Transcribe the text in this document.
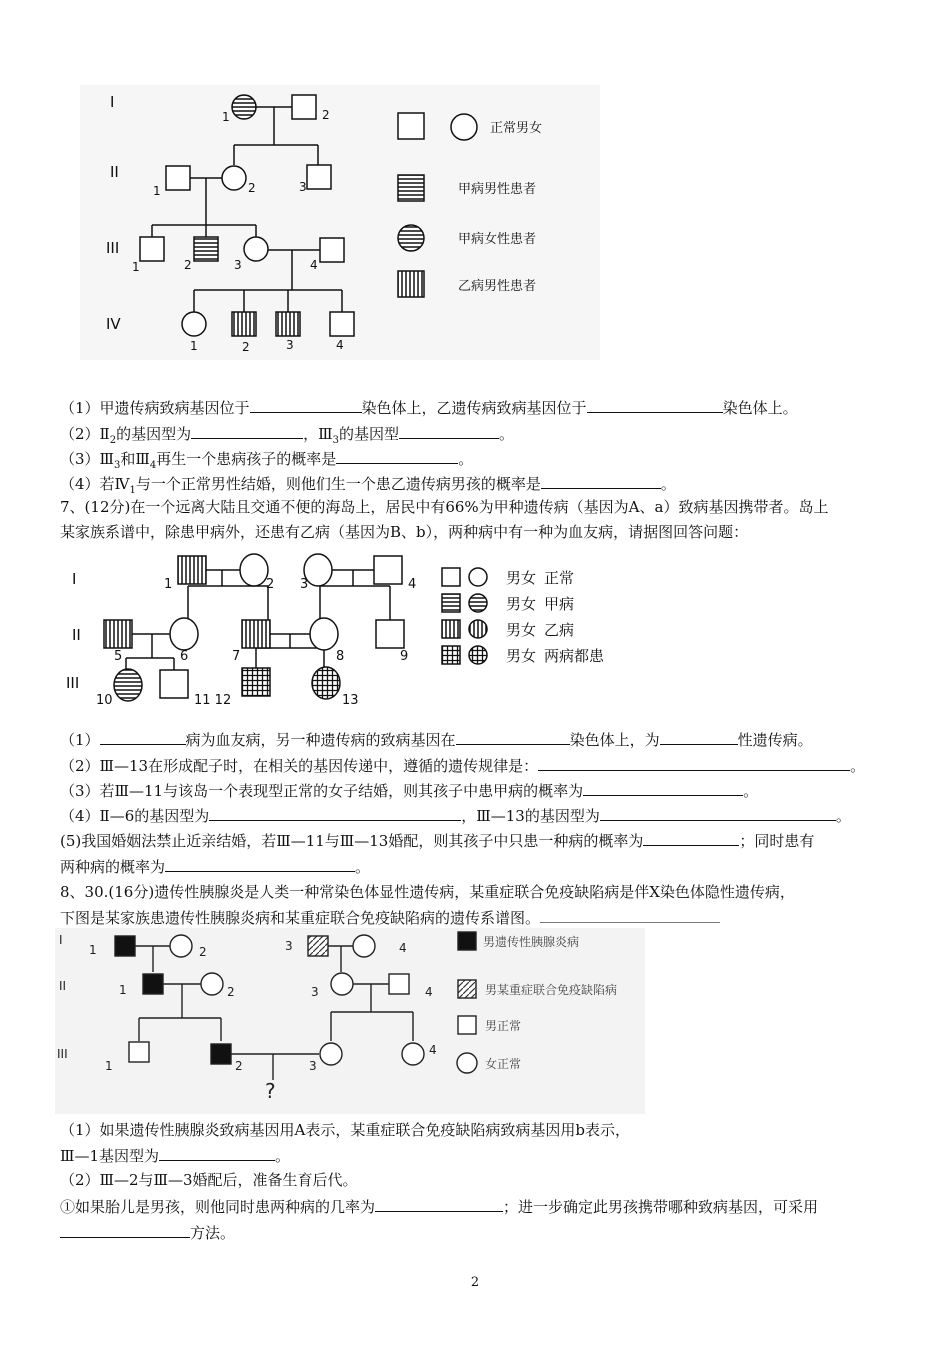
I
II
III
IV
1	2
1	2	3
1	2	3	4
1	2	3	4
正常男女
甲病男性患者
甲病女性患者
乙病男性患者
（1）甲遗传病致病基因位于	染色体上，乙遗传病致病基因位于	染色体上。
$(2)Ⅱ_2$的基因型为	，$Ⅲ_3$的基因型	。
$(3)Ⅲ_3$和$Ⅲ_4$再生一个患病孩子的概率是	。
（4）若$Ⅳ_1$与一个正常男性结婚，则他们生一个患乙遗传病男孩的概率是	。
7、(12分)在一个远离大陆且交通不便的海岛上，居民中有66%为甲种遗传病（基因为A、a）致病基因携带者。岛上
某家族系谱中，除患甲病外，还患有乙病（基因为B、b），两种病中有一种为血友病，请据图回答问题：
I
II
III
1	2 3	4
5	6	7	8	9
10	11 12	13
男女 正常
男女 甲病
男女 乙病
男女 两病都患
（1）	病为血友病，另一种遗传病的致病基因在	染色体上，为	性遗传病。
（2）Ⅲ—13在形成配子时，在相关的基因传递中，遵循的遗传规律是：	。
（3）若Ⅲ—11与该岛一个表现型正常的女子结婚，则其孩子中患甲病的概率为	。
（4）Ⅱ—6的基因型为	，Ⅲ—13的基因型为	。
(5)我国婚姻法禁止近亲结婚，若Ⅲ—11与Ⅲ—13婚配，则其孩子中只患一种病的概率为	；同时患有
两种病的概率为	。
8、30.(16分)遗传性胰腺炎是人类一种常染色体显性遗传病，某重症联合免疫缺陷病是伴X染色体隐性遗传病，
下图是某家族患遗传性胰腺炎病和某重症联合免疫缺陷病的遗传系谱图。
I
II
III
1	2	3	4
1	2	3	4
1	2	3
4
?
男遗传性胰腺炎病
男某重症联合免疫缺陷病
男正常
女正常
（1）如果遗传性胰腺炎致病基因用A表示，某重症联合免疫缺陷病致病基因用b表示，
Ⅲ—1基因型为	。
（2）Ⅲ—2与Ⅲ—3婚配后，准备生育后代。
①如果胎儿是男孩，则他同时患两种病的几率为	；进一步确定此男孩携带哪种致病基因，可采用
方法。
2
